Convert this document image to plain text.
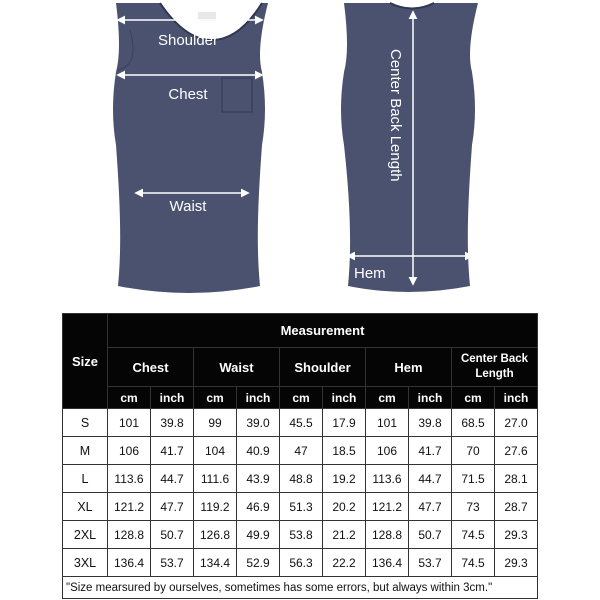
Shoulder
Chest
Waist
Center Back Length
Hem
Size	Measurement									
	Chest		Waist		Shoulder		Hem		Center Back Length	
	cm	inch	cm	inch	cm	inch	cm	inch	cm	inch
S	101	39.8	99	39.0	45.5	17.9	101	39.8	68.5	27.0
M	106	41.7	104	40.9	47	18.5	106	41.7	70	27.6
L	113.6	44.7	111.6	43.9	48.8	19.2	113.6	44.7	71.5	28.1
XL	121.2	47.7	119.2	46.9	51.3	20.2	121.2	47.7	73	28.7
2XL	128.8	50.7	126.8	49.9	53.8	21.2	128.8	50.7	74.5	29.3
3XL	136.4	53.7	134.4	52.9	56.3	22.2	136.4	53.7	74.5	29.3
"Size mearsured by ourselves, sometimes has some errors, but always within 3cm."										
